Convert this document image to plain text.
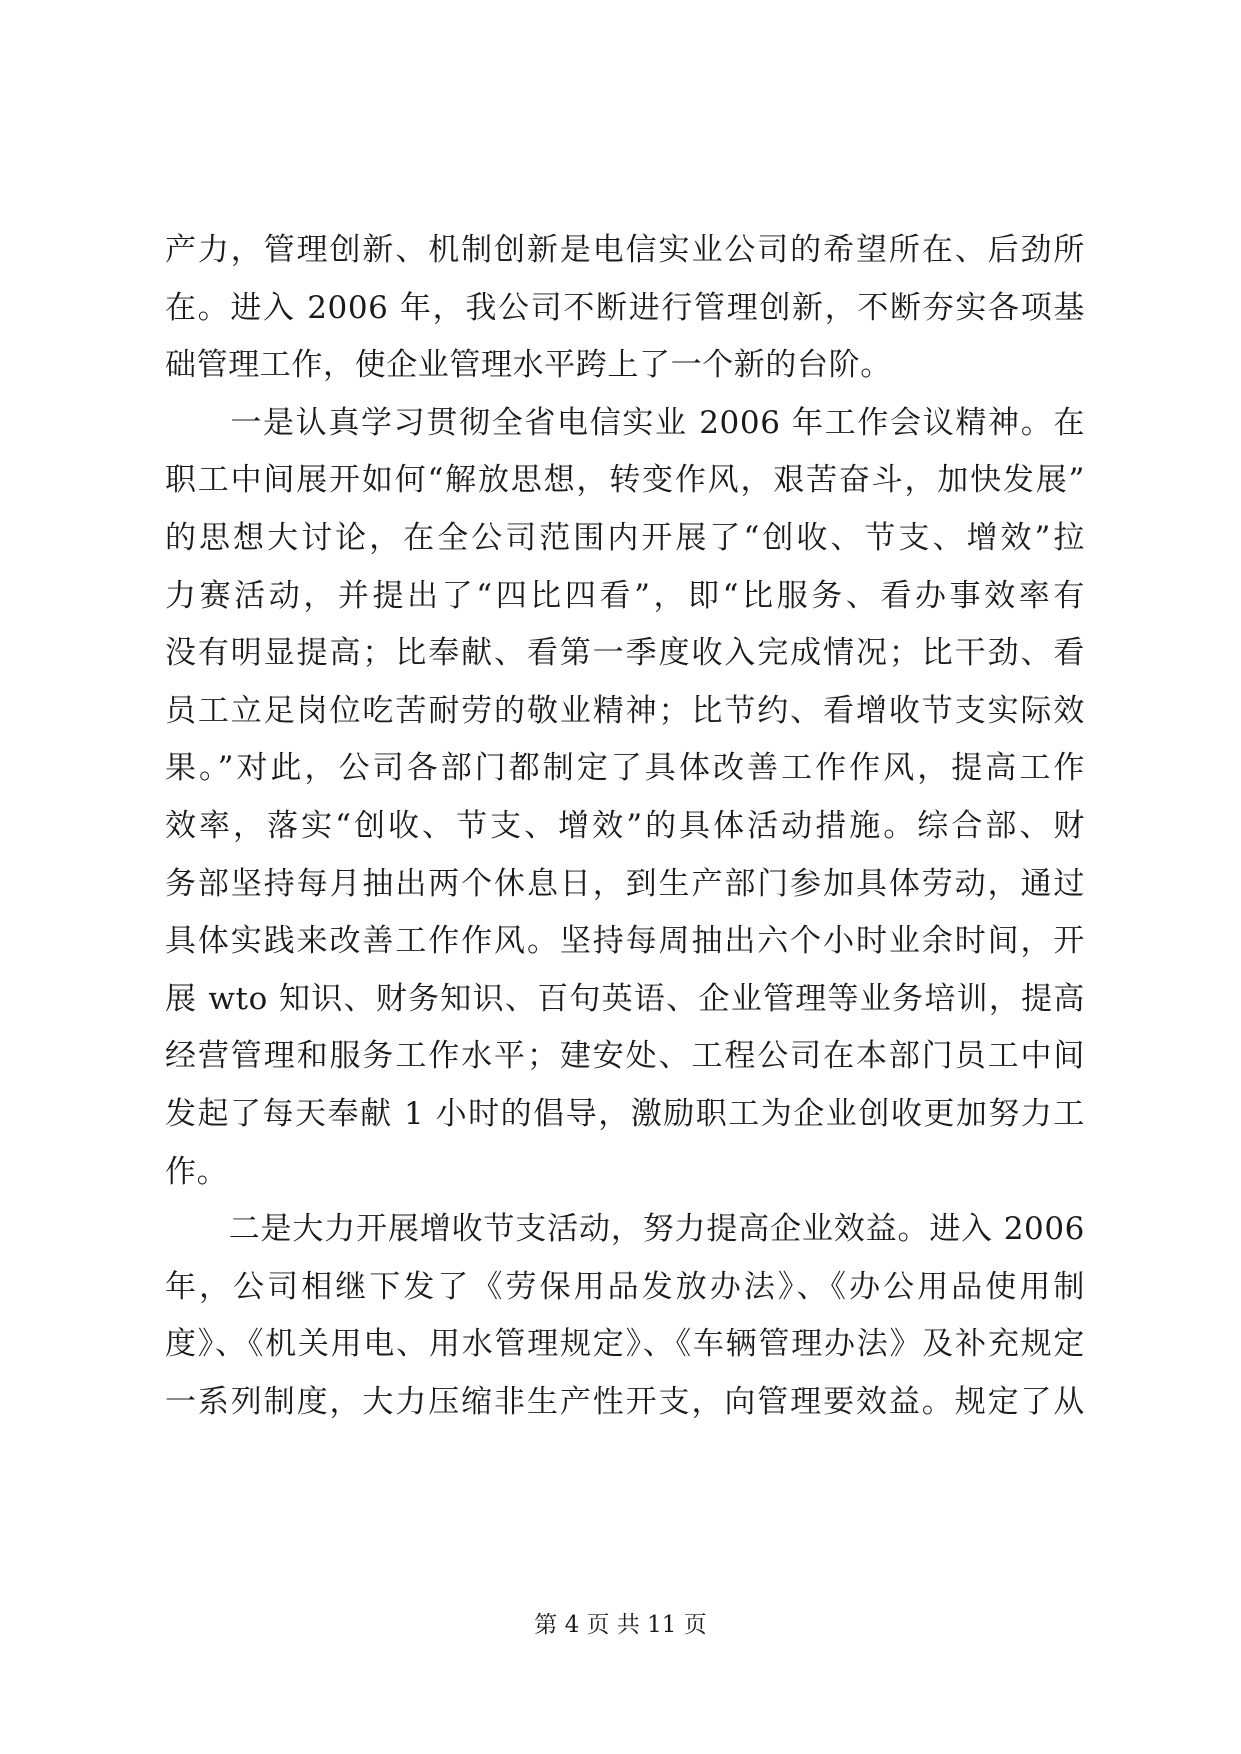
产力，管理创新、机制创新是电信实业公司的希望所在、后劲所
在。进入 2006 年，我公司不断进行管理创新，不断夯实各项基
础管理工作，使企业管理水平跨上了一个新的台阶。
　　一是认真学习贯彻全省电信实业 2006 年工作会议精神。在
职工中间展开如何“解放思想，转变作风，艰苦奋斗，加快发展”
的思想大讨论，在全公司范围内开展了“创收、节支、增效”拉
力赛活动，并提出了“四比四看”，即“比服务、看办事效率有
没有明显提高；比奉献、看第一季度收入完成情况；比干劲、看
员工立足岗位吃苦耐劳的敬业精神；比节约、看增收节支实际效
果。”对此，公司各部门都制定了具体改善工作作风，提高工作
效率，落实“创收、节支、增效”的具体活动措施。综合部、财
务部坚持每月抽出两个休息日，到生产部门参加具体劳动，通过
具体实践来改善工作作风。坚持每周抽出六个小时业余时间，开
展 wto 知识、财务知识、百句英语、企业管理等业务培训，提高
经营管理和服务工作水平；建安处、工程公司在本部门员工中间
发起了每天奉献 1 小时的倡导，激励职工为企业创收更加努力工
作。
　　二是大力开展增收节支活动，努力提高企业效益。进入 2006
年，公司相继下发了《劳保用品发放办法》、《办公用品使用制
度》、《机关用电、用水管理规定》、《车辆管理办法》及补充规定
一系列制度，大力压缩非生产性开支，向管理要效益。规定了从
第 4 页 共 11 页
